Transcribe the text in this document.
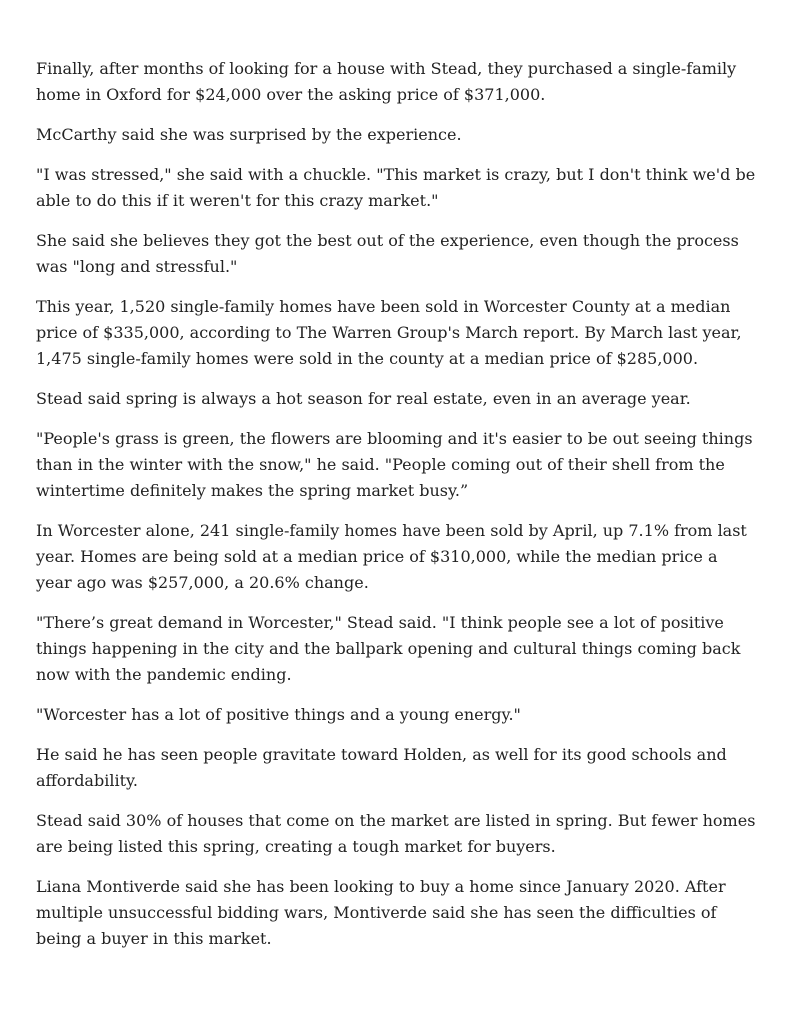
Finally, after months of looking for a house with Stead, they purchased a single-family home in Oxford for $24,000 over the asking price of $371,000.

McCarthy said she was surprised by the experience.

"I was stressed," she said with a chuckle. "This market is crazy, but I don't think we'd be able to do this if it weren't for this crazy market."

She said she believes they got the best out of the experience, even though the process was "long and stressful."

This year, 1,520 single-family homes have been sold in Worcester County at a median price of $335,000, according to The Warren Group's March report. By March last year, 1,475 single-family homes were sold in the county at a median price of $285,000.

Stead said spring is always a hot season for real estate, even in an average year.

"People's grass is green, the flowers are blooming and it's easier to be out seeing things than in the winter with the snow," he said. "People coming out of their shell from the wintertime definitely makes the spring market busy.”

In Worcester alone, 241 single-family homes have been sold by April, up 7.1% from last year. Homes are being sold at a median price of $310,000, while the median price a year ago was $257,000, a 20.6% change.

"There’s great demand in Worcester," Stead said. "I think people see a lot of positive things happening in the city and the ballpark opening and cultural things coming back now with the pandemic ending.

"Worcester has a lot of positive things and a young energy."

He said he has seen people gravitate toward Holden, as well for its good schools and affordability.

Stead said 30% of houses that come on the market are listed in spring. But fewer homes are being listed this spring, creating a tough market for buyers.

Liana Montiverde said she has been looking to buy a home since January 2020. After multiple unsuccessful bidding wars, Montiverde said she has seen the difficulties of being a buyer in this market.
